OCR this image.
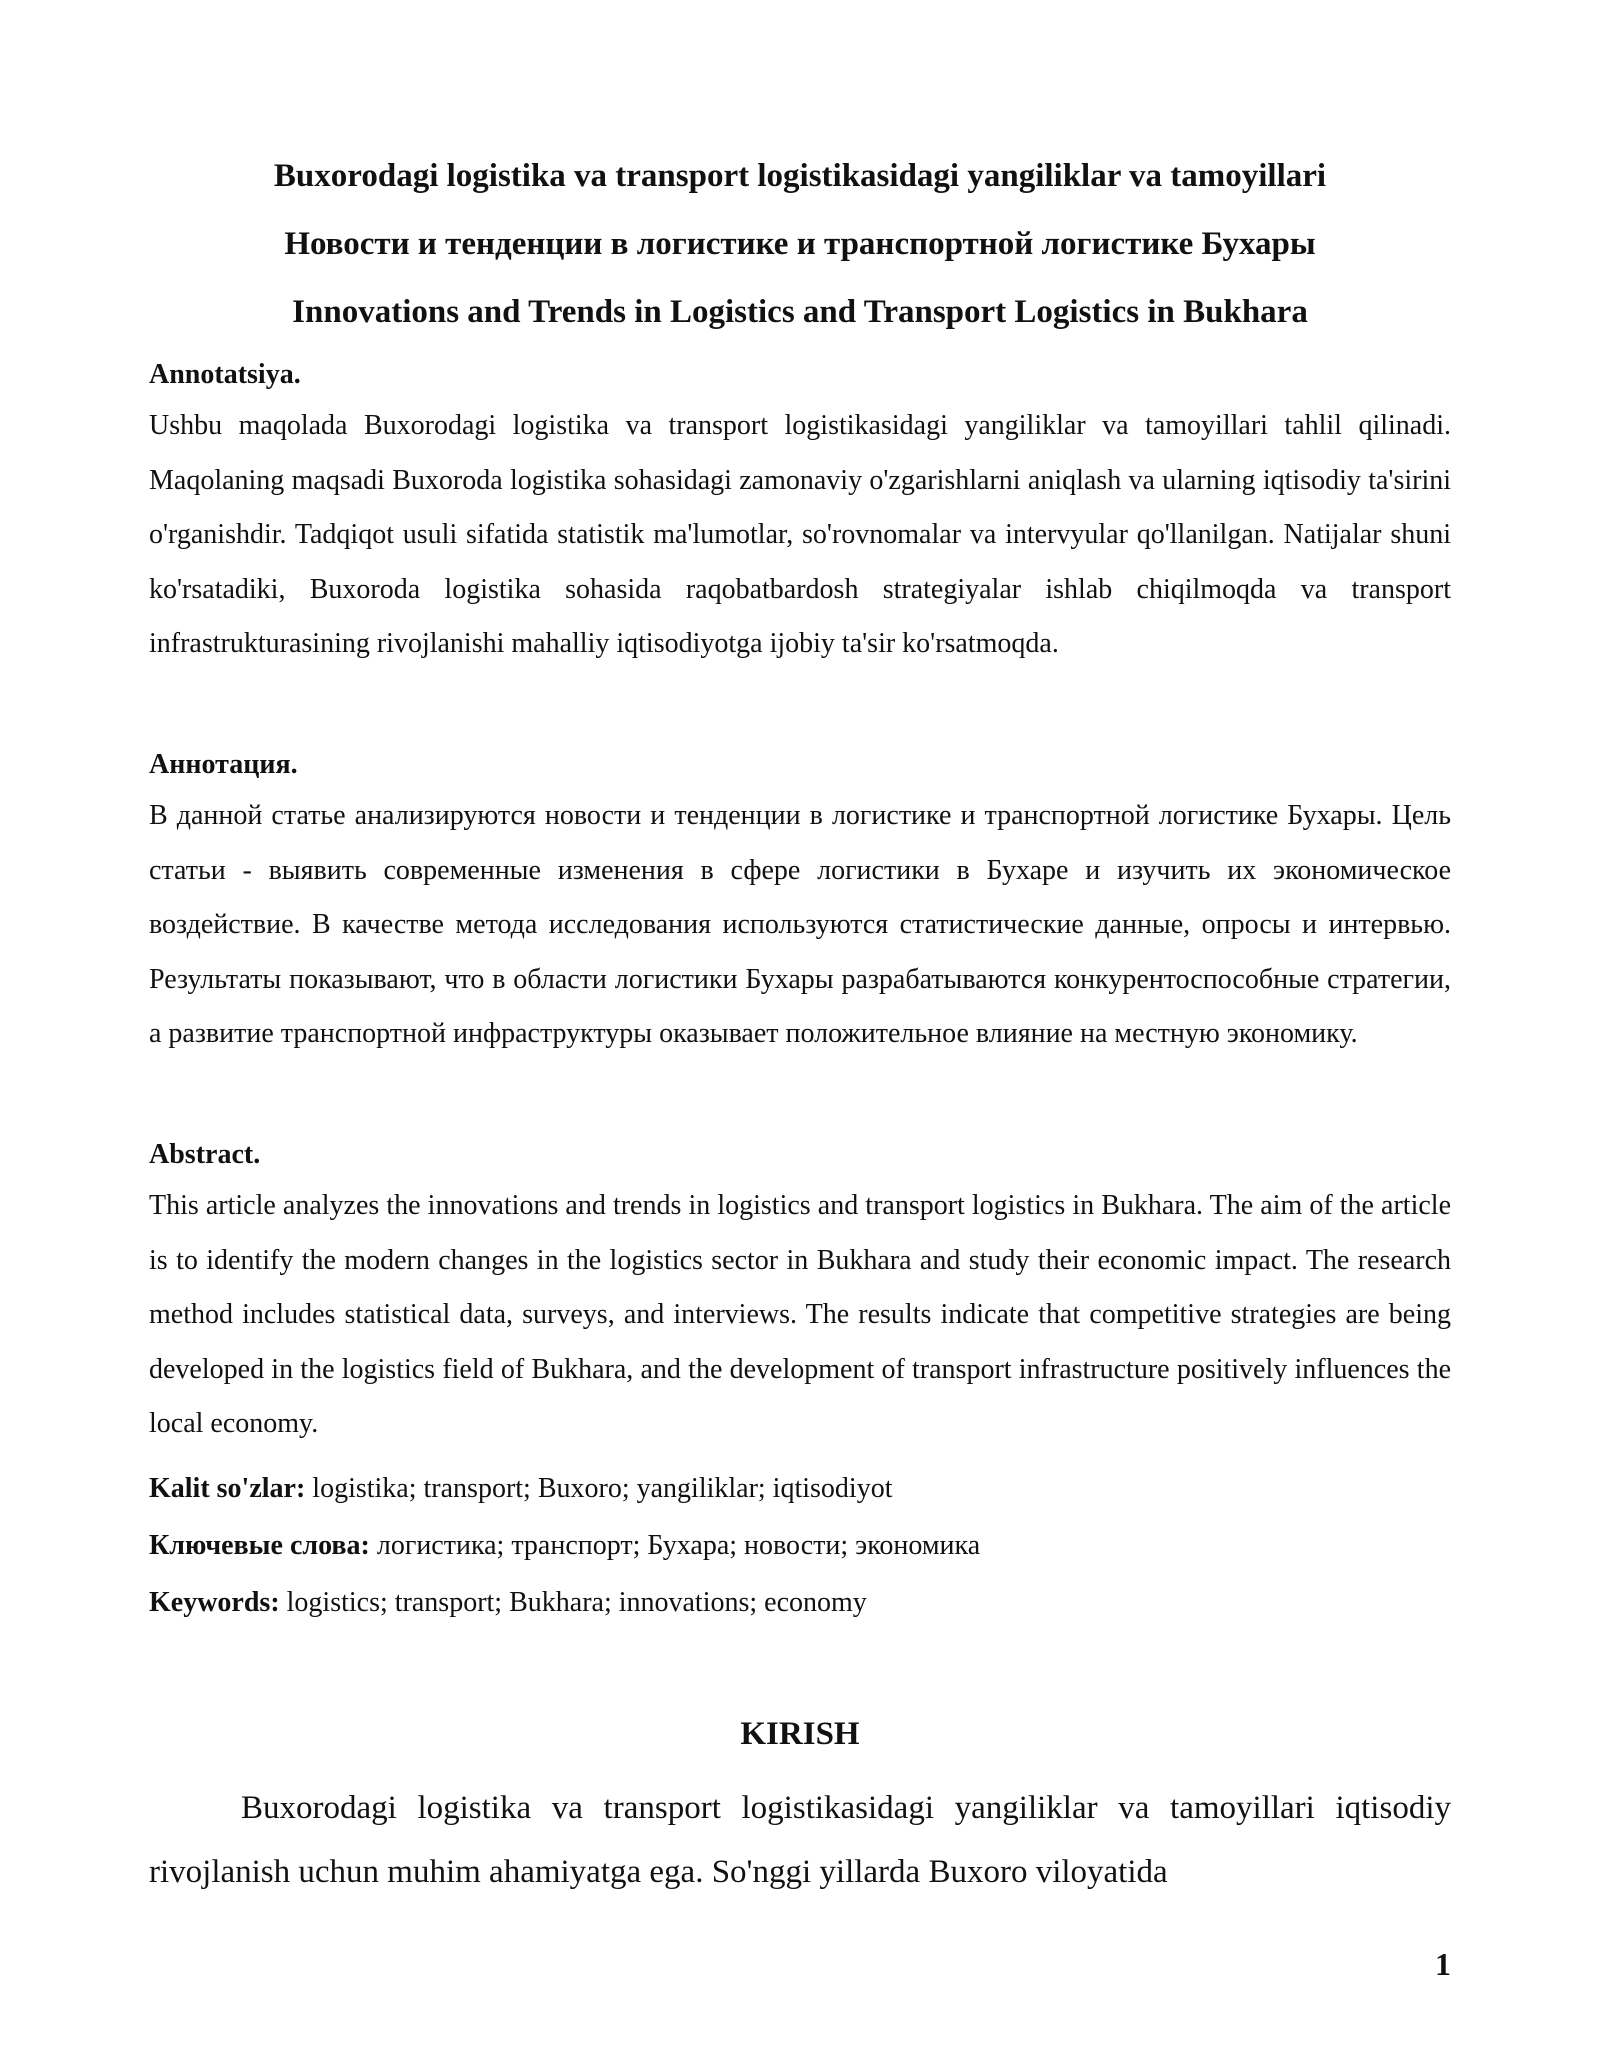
Buxorodagi logistika va transport logistikasidagi yangiliklar va tamoyillari
Новости и тенденции в логистике и транспортной логистике Бухары
Innovations and Trends in Logistics and Transport Logistics in Bukhara

Annotatsiya.

Ushbu maqolada Buxorodagi logistika va transport logistikasidagi yangiliklar va tamoyillari tahlil qilinadi. Maqolaning maqsadi Buxoroda logistika sohasidagi zamonaviy o'zgarishlarni aniqlash va ularning iqtisodiy ta'sirini o'rganishdir. Tadqiqot usuli sifatida statistik ma'lumotlar, so'rovnomalar va intervyular qo'llanilgan. Natijalar shuni ko'rsatadiki, Buxoroda logistika sohasida raqobatbardosh strategiyalar ishlab chiqilmoqda va transport infrastrukturasining rivojlanishi mahalliy iqtisodiyotga ijobiy ta'sir ko'rsatmoqda.

Аннотация.

В данной статье анализируются новости и тенденции в логистике и транспортной логистике Бухары. Цель статьи - выявить современные изменения в сфере логистики в Бухаре и изучить их экономическое воздействие. В качестве метода исследования используются статистические данные, опросы и интервью. Результаты показывают, что в области логистики Бухары разрабатываются конкурентоспособные стратегии, а развитие транспортной инфраструктуры оказывает положительное влияние на местную экономику.

Abstract.

This article analyzes the innovations and trends in logistics and transport logistics in Bukhara. The aim of the article is to identify the modern changes in the logistics sector in Bukhara and study their economic impact. The research method includes statistical data, surveys, and interviews. The results indicate that competitive strategies are being developed in the logistics field of Bukhara, and the development of transport infrastructure positively influences the local economy.

Kalit so'zlar: logistika; transport; Buxoro; yangiliklar; iqtisodiyot
Ключевые слова: логистика; транспорт; Бухара; новости; экономика
Keywords: logistics; transport; Bukhara; innovations; economy
KIRISH

Buxorodagi logistika va transport logistikasidagi yangiliklar va tamoyillari iqtisodiy rivojlanish uchun muhim ahamiyatga ega. So'nggi yillarda Buxoro viloyatida

1
